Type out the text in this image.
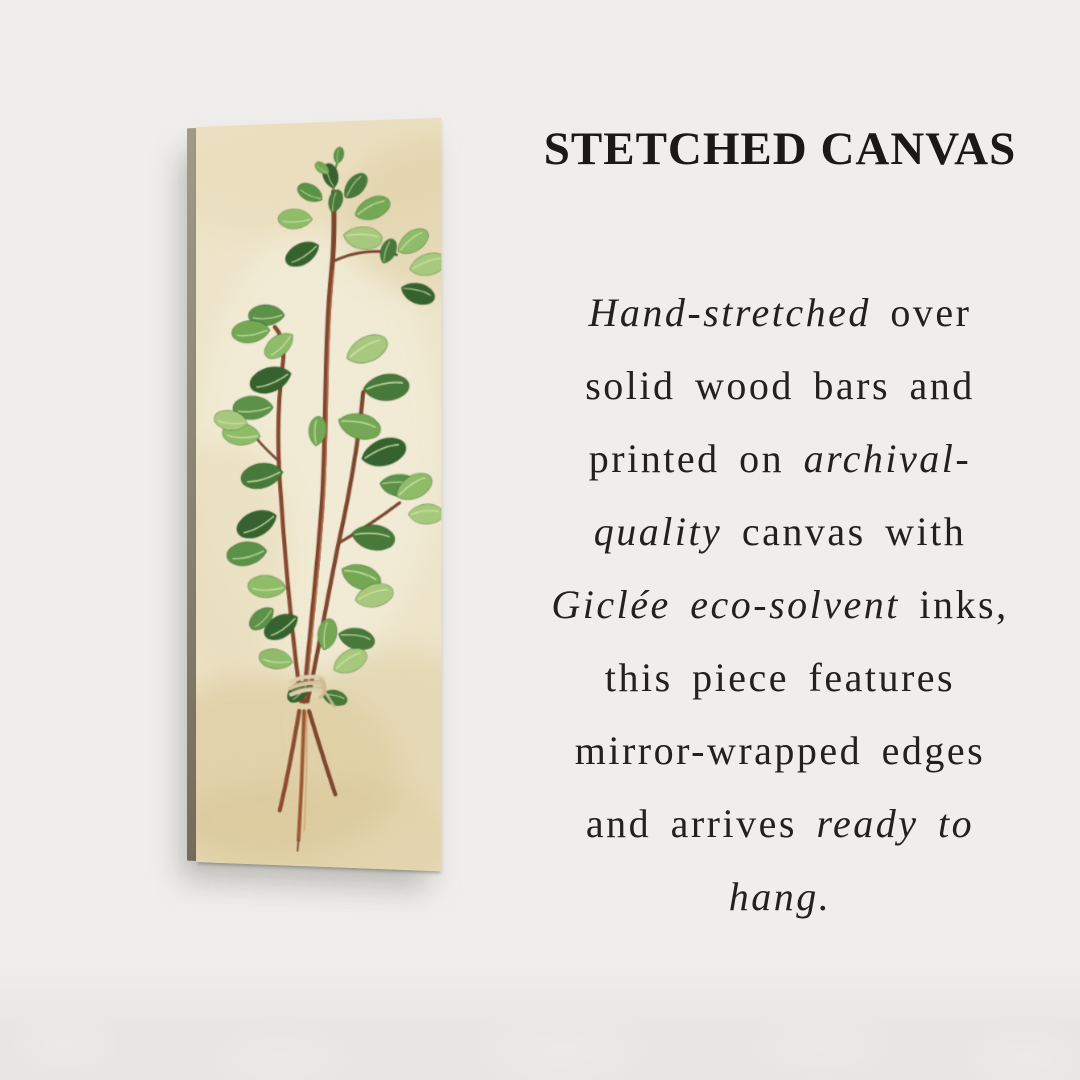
STETCHED CANVAS
Hand-stretched over
solid wood bars and
printed on archival-
quality canvas with
Giclée eco-solvent inks,
this piece features
mirror-wrapped edges
and arrives ready to
hang.
